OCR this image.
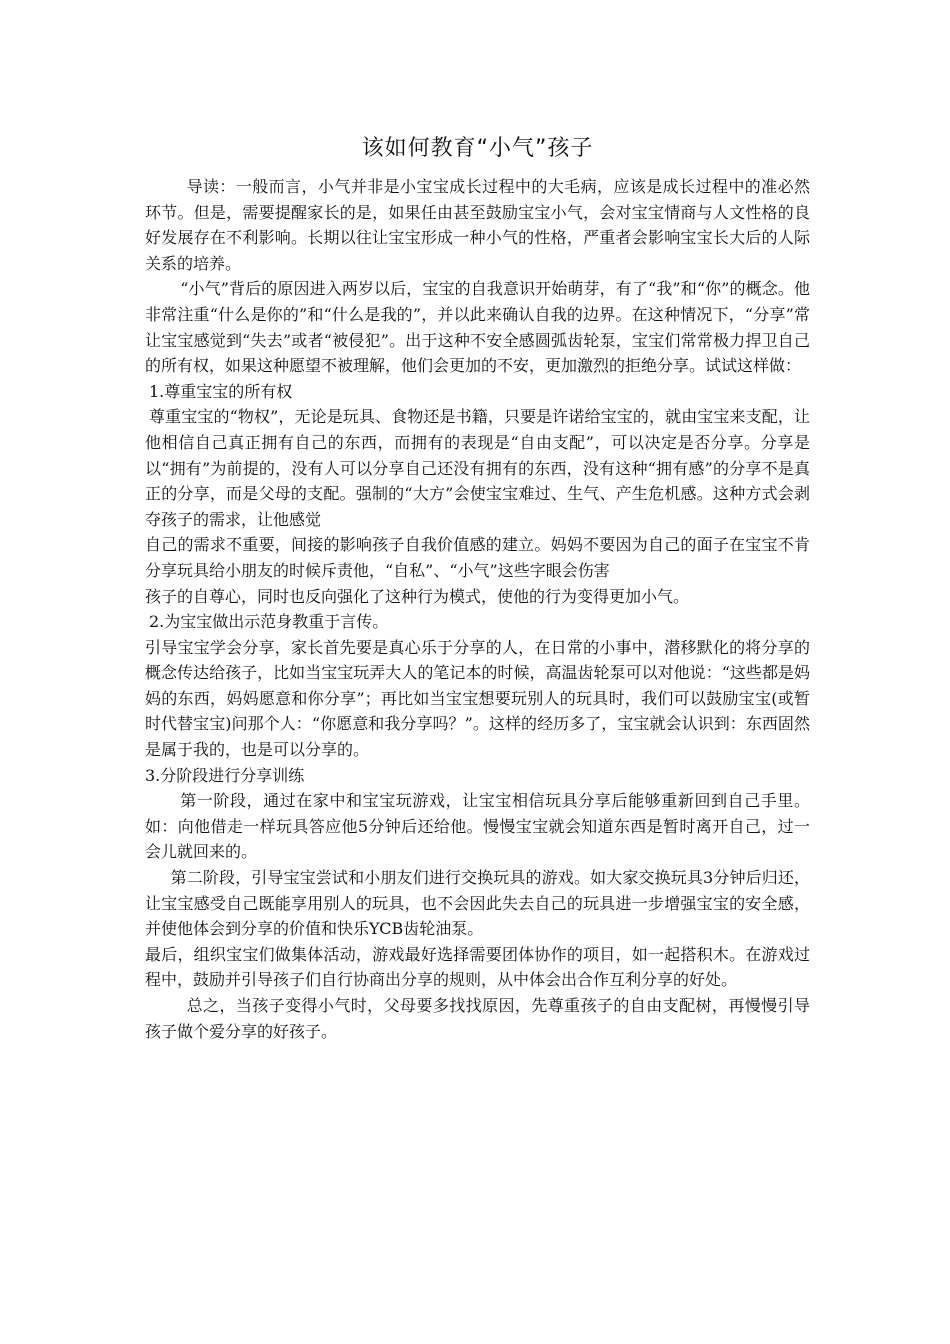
该如何教育“小气”孩子

导读：一般而言，小气并非是小宝宝成长过程中的大毛病，应该是成长过程中的准必然环节。但是，需要提醒家长的是，如果任由甚至鼓励宝宝小气，会对宝宝情商与人文性格的良好发展存在不利影响。长期以往让宝宝形成一种小气的性格，严重者会影响宝宝长大后的人际关系的培养。

“小气”背后的原因进入两岁以后，宝宝的自我意识开始萌芽，有了“我”和“你”的概念。他非常注重“什么是你的”和“什么是我的”，并以此来确认自我的边界。在这种情况下，“分享”常让宝宝感觉到“失去”或者“被侵犯”。出于这种不安全感圆弧齿轮泵，宝宝们常常极力捍卫自己的所有权，如果这种愿望不被理解，他们会更加的不安，更加激烈的拒绝分享。试试这样做：

1.尊重宝宝的所有权

尊重宝宝的“物权”，无论是玩具、食物还是书籍，只要是许诺给宝宝的，就由宝宝来支配，让他相信自己真正拥有自己的东西，而拥有的表现是“自由支配”，可以决定是否分享。分享是以“拥有”为前提的，没有人可以分享自己还没有拥有的东西，没有这种“拥有感”的分享不是真正的分享，而是父母的支配。强制的“大方”会使宝宝难过、生气、产生危机感。这种方式会剥夺孩子的需求，让他感觉

自己的需求不重要，间接的影响孩子自我价值感的建立。妈妈不要因为自己的面子在宝宝不肯分享玩具给小朋友的时候斥责他，“自私”、“小气”这些字眼会伤害

孩子的自尊心，同时也反向强化了这种行为模式，使他的行为变得更加小气。

2.为宝宝做出示范身教重于言传。

引导宝宝学会分享，家长首先要是真心乐于分享的人，在日常的小事中，潜移默化的将分享的概念传达给孩子，比如当宝宝玩弄大人的笔记本的时候，高温齿轮泵可以对他说：“这些都是妈妈的东西，妈妈愿意和你分享”；再比如当宝宝想要玩别人的玩具时，我们可以鼓励宝宝(或暂时代替宝宝)问那个人：“你愿意和我分享吗？”。这样的经历多了，宝宝就会认识到：东西固然是属于我的，也是可以分享的。

3.分阶段进行分享训练

第一阶段，通过在家中和宝宝玩游戏，让宝宝相信玩具分享后能够重新回到自己手里。如：向他借走一样玩具答应他5分钟后还给他。慢慢宝宝就会知道东西是暂时离开自己，过一会儿就回来的。

第二阶段，引导宝宝尝试和小朋友们进行交换玩具的游戏。如大家交换玩具3分钟后归还，让宝宝感受自己既能享用别人的玩具，也不会因此失去自己的玩具进一步增强宝宝的安全感，并使他体会到分享的价值和快乐YCB齿轮油泵。

最后，组织宝宝们做集体活动，游戏最好选择需要团体协作的项目，如一起搭积木。在游戏过程中，鼓励并引导孩子们自行协商出分享的规则，从中体会出合作互利分享的好处。

总之，当孩子变得小气时，父母要多找找原因，先尊重孩子的自由支配树，再慢慢引导孩子做个爱分享的好孩子。
